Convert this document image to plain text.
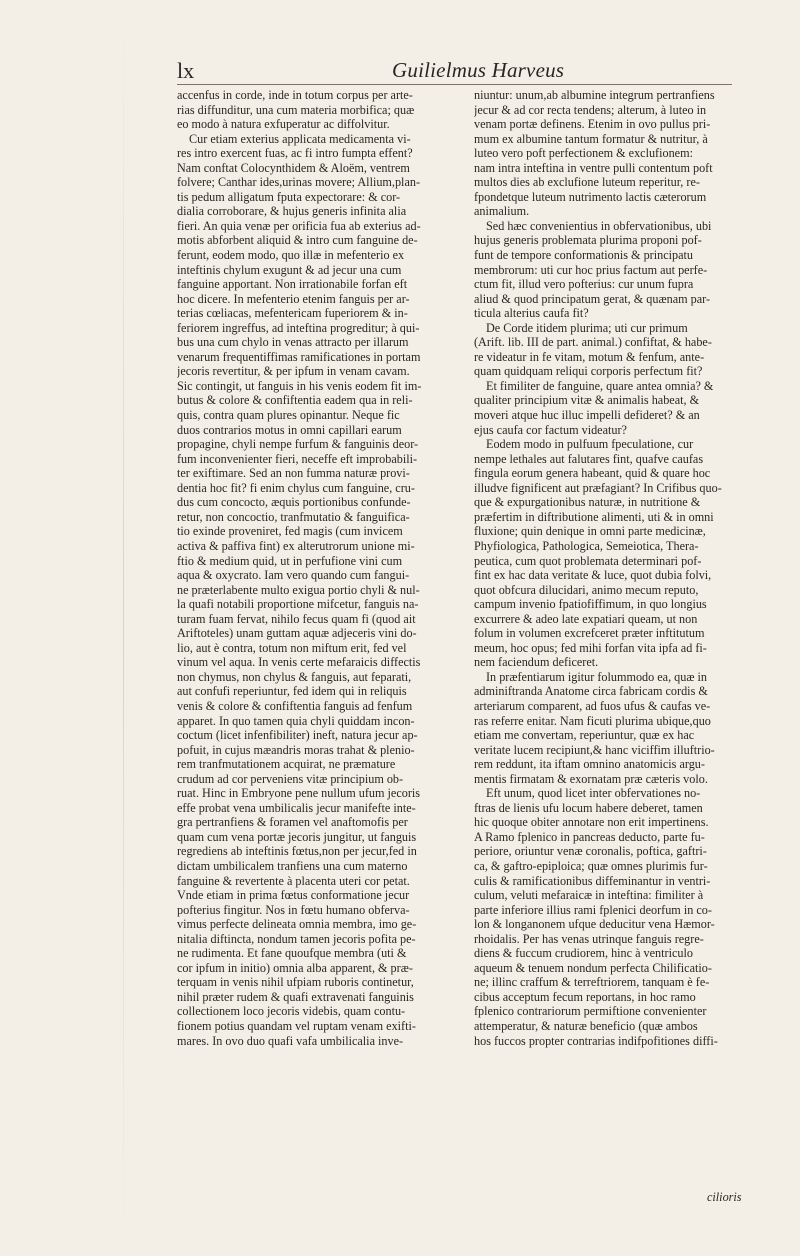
lx	Guilielmus Harveus
accenfus in corde, inde in totum corpus per arte-
rias diffunditur, una cum materia morbifica; quæ
eo modo à natura exfuperatur ac diffolvitur.
Cur etiam exterius applicata medicamenta vi-
res intro exercent fuas, ac fi intro fumpta effent?
Nam conftat Colocynthidem & Aloëm, ventrem
folvere; Canthar ides,urinas movere; Allium,plan-
tis pedum alligatum fputa expectorare: & cor-
dialia corroborare, & hujus generis infinita alia
fieri. An quia venæ per orificia fua ab exterius ad-
motis abforbent aliquid & intro cum fanguine de-
ferunt, eodem modo, quo illæ in mefenterio ex
inteftinis chylum exugunt & ad jecur una cum
fanguine apportant. Non irrationabile forfan eft
hoc dicere. In mefenterio etenim fanguis per ar-
terias cœliacas, mefentericam fuperiorem & in-
feriorem ingreffus, ad inteftina progreditur; à qui-
bus una cum chylo in venas attracto per illarum
venarum frequentiffimas ramificationes in portam
jecoris revertitur, & per ipfum in venam cavam.
Sic contingit, ut fanguis in his venis eodem fit im-
butus & colore & confiftentia eadem qua in reli-
quis, contra quam plures opinantur. Neque fic
duos contrarios motus in omni capillari earum
propagine, chyli nempe furfum & fanguinis deor-
fum inconvenienter fieri, neceffe eft improbabili-
ter exiftimare. Sed an non fumma naturæ provi-
dentia hoc fit? fi enim chylus cum fanguine, cru-
dus cum concocto, æquis portionibus confunde-
retur, non concoctio, tranfmutatio & fanguifica-
tio exinde proveniret, fed magis (cum invicem
activa & paffiva fint) ex alterutrorum unione mi-
ftio & medium quid, ut in perfufione vini cum
aqua & oxycrato. Iam vero quando cum fangui-
ne præterlabente multo exigua portio chyli & nul-
la quafi notabili proportione mifcetur, fanguis na-
turam fuam fervat, nihilo fecus quam fi (quod ait
Ariftoteles) unam guttam aquæ adjeceris vini do-
lio, aut è contra, totum non miftum erit, fed vel
vinum vel aqua. In venis certe mefaraicis diffectis
non chymus, non chylus & fanguis, aut feparati,
aut confufi reperiuntur, fed idem qui in reliquis
venis & colore & confiftentia fanguis ad fenfum
apparet. In quo tamen quia chyli quiddam incon-
coctum (licet infenfibiliter) ineft, natura jecur ap-
pofuit, in cujus mæandris moras trahat & plenio-
rem tranfmutationem acquirat, ne præmature
crudum ad cor perveniens vitæ principium ob-
ruat. Hinc in Embryone pene nullum ufum jecoris
effe probat vena umbilicalis jecur manifefte inte-
gra pertranfiens & foramen vel anaftomofis per
quam cum vena portæ jecoris jungitur, ut fanguis
regrediens ab inteftinis fœtus,non per jecur,fed in
dictam umbilicalem tranfiens una cum materno
fanguine & revertente à placenta uteri cor petat.
Vnde etiam in prima fœtus conformatione jecur
pofterius fingitur. Nos in fœtu humano obferva-
vimus perfecte delineata omnia membra, imo ge-
nitalia diftincta, nondum tamen jecoris pofita pe-
ne rudimenta. Et fane quoufque membra (uti &
cor ipfum in initio) omnia alba apparent, & præ-
terquam in venis nihil ufpiam ruboris continetur,
nihil præter rudem & quafi extravenati fanguinis
collectionem loco jecoris videbis, quam contu-
fionem potius quandam vel ruptam venam exifti-
mares. In ovo duo quafi vafa umbilicalia inve-
niuntur: unum,ab albumine integrum pertranfiens
jecur & ad cor recta tendens; alterum, à luteo in
venam portæ definens. Etenim in ovo pullus pri-
mum ex albumine tantum formatur & nutritur, à
luteo vero poft perfectionem & exclufionem:
nam intra inteftina in ventre pulli contentum poft
multos dies ab exclufione luteum reperitur, re-
fpondetque luteum nutrimento lactis cæterorum
animalium.
Sed hæc convenientius in obfervationibus, ubi
hujus generis problemata plurima proponi pof-
funt de tempore conformationis & principatu
membrorum: uti cur hoc prius factum aut perfe-
ctum fit, illud vero pofterius: cur unum fupra
aliud & quod principatum gerat, & quænam par-
ticula alterius caufa fit?
De Corde itidem plurima; uti cur primum
(Arift. lib. III de part. animal.) confiftat, & habe-
re videatur in fe vitam, motum & fenfum, ante-
quam quidquam reliqui corporis perfectum fit?
Et fimiliter de fanguine, quare antea omnia? &
qualiter principium vitæ & animalis habeat, &
moveri atque huc illuc impelli defideret? & an
ejus caufa cor factum videatur?
Eodem modo in pulfuum fpeculatione, cur
nempe lethales aut falutares fint, quafve caufas
fingula eorum genera habeant, quid & quare hoc
illudve fignificent aut præfagiant? In Crifibus quo-
que & expurgationibus naturæ, in nutritione &
præfertim in diftributione alimenti, uti & in omni
fluxione; quin denique in omni parte medicinæ,
Phyfiologica, Pathologica, Semeiotica, Thera-
peutica, cum quot problemata determinari pof-
fint ex hac data veritate & luce, quot dubia folvi,
quot obfcura dilucidari, animo mecum reputo,
campum invenio fpatiofiffimum, in quo longius
excurrere & adeo late expatiari queam, ut non
folum in volumen excrefceret præter inftitutum
meum, hoc opus; fed mihi forfan vita ipfa ad fi-
nem faciendum deficeret.
In præfentiarum igitur folummodo ea, quæ in
adminiftranda Anatome circa fabricam cordis &
arteriarum comparent, ad fuos ufus & caufas ve-
ras referre enitar. Nam ficuti plurima ubique,quo
etiam me convertam, reperiuntur, quæ ex hac
veritate lucem recipiunt,& hanc viciffim illuftrio-
rem reddunt, ita iftam omnino anatomicis argu-
mentis firmatam & exornatam præ cæteris volo.
Eft unum, quod licet inter obfervationes no-
ftras de lienis ufu locum habere deberet, tamen
hic quoque obiter annotare non erit impertinens.
A Ramo fplenico in pancreas deducto, parte fu-
periore, oriuntur venæ coronalis, poftica, gaftri-
ca, & gaftro-epiploica; quæ omnes plurimis fur-
culis & ramificationibus diffeminantur in ventri-
culum, veluti mefaraicæ in inteftina: fimiliter à
parte inferiore illius rami fplenici deorfum in co-
lon & longanonem ufque deducitur vena Hæmor-
rhoidalis. Per has venas utrinque fanguis regre-
diens & fuccum crudiorem, hinc à ventriculo
aqueum & tenuem nondum perfecta Chilificatio-
ne; illinc craffum & terreftriorem, tanquam è fe-
cibus acceptum fecum reportans, in hoc ramo
fplenico contrariorum permiftione convenienter
attemperatur, & naturæ beneficio (quæ ambos
hos fuccos propter contrarias indifpofitiones diffi-
cilioris
